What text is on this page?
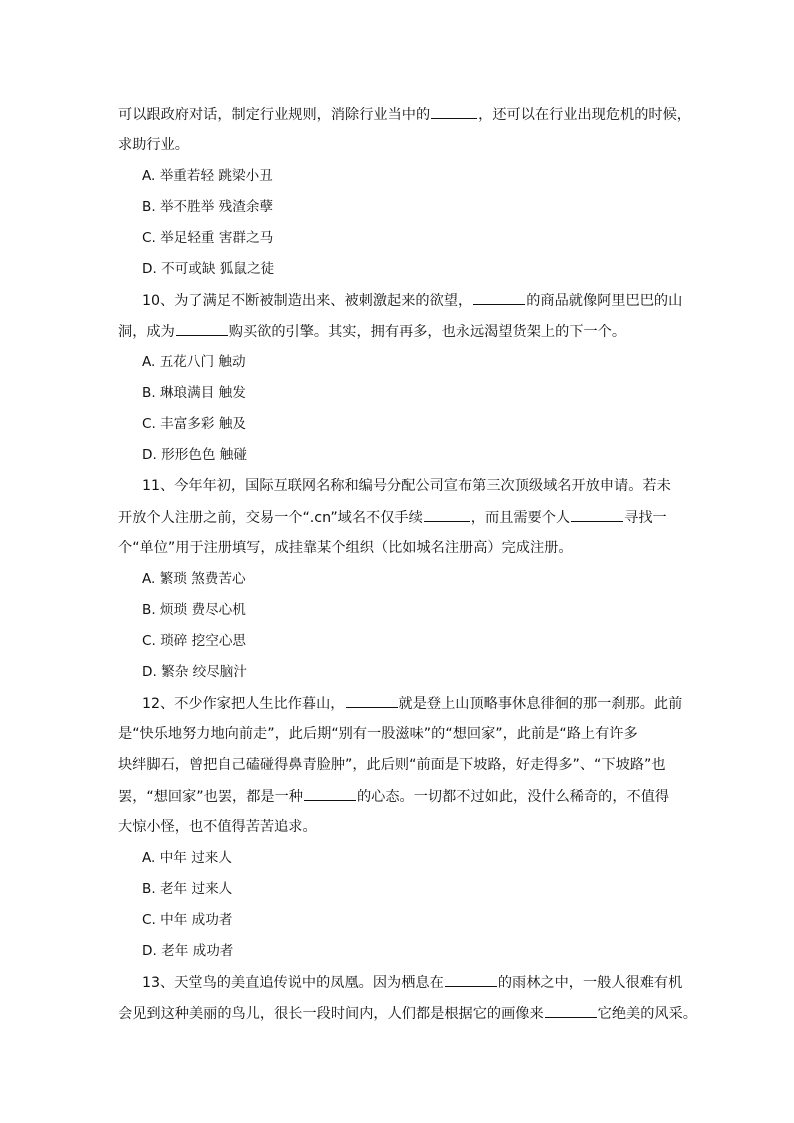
可以跟政府对话，制定行业规则，消除行业当中的	，还可以在行业出现危机的时候，
求助行业。
A. 举重若轻 跳梁小丑
B. 举不胜举 残渣余孽
C. 举足轻重 害群之马
D. 不可或缺 狐鼠之徒
10、为了满足不断被制造出来、被刺激起来的欲望，	的商品就像阿里巴巴的山
洞，成为	购买欲的引擎。其实，拥有再多，也永远渴望货架上的下一个。
A. 五花八门 触动
B. 琳琅满目 触发
C. 丰富多彩 触及
D. 形形色色 触碰
11、今年年初，国际互联网名称和编号分配公司宣布第三次顶级域名开放申请。若未
开放个人注册之前，交易一个“.cn”域名不仅手续	，而且需要个人	寻找一
个“单位”用于注册填写，成挂靠某个组织（比如城名注册高）完成注册。
A. 繁琐 煞费苦心
B. 烦琐 费尽心机
C. 琐碎 挖空心思
D. 繁杂 绞尽脑汁
12、不少作家把人生比作暮山，	就是登上山顶略事休息徘徊的那一刹那。此前
是“快乐地努力地向前走”，此后期“别有一股滋味”的“想回家”，此前是“路上有许多
块绊脚石，曾把自己磕碰得鼻青脸肿”，此后则“前面是下坡路，好走得多”、“下坡路”也
罢，“想回家”也罢，都是一种	的心态。一切都不过如此，没什么稀奇的，不值得
大惊小怪，也不值得苦苦追求。
A. 中年 过来人
B. 老年 过来人
C. 中年 成功者
D. 老年 成功者
13、天堂鸟的美直追传说中的凤凰。因为栖息在	的雨林之中，一般人很难有机
会见到这种美丽的鸟儿，很长一段时间内，人们都是根据它的画像来	它绝美的风采。
